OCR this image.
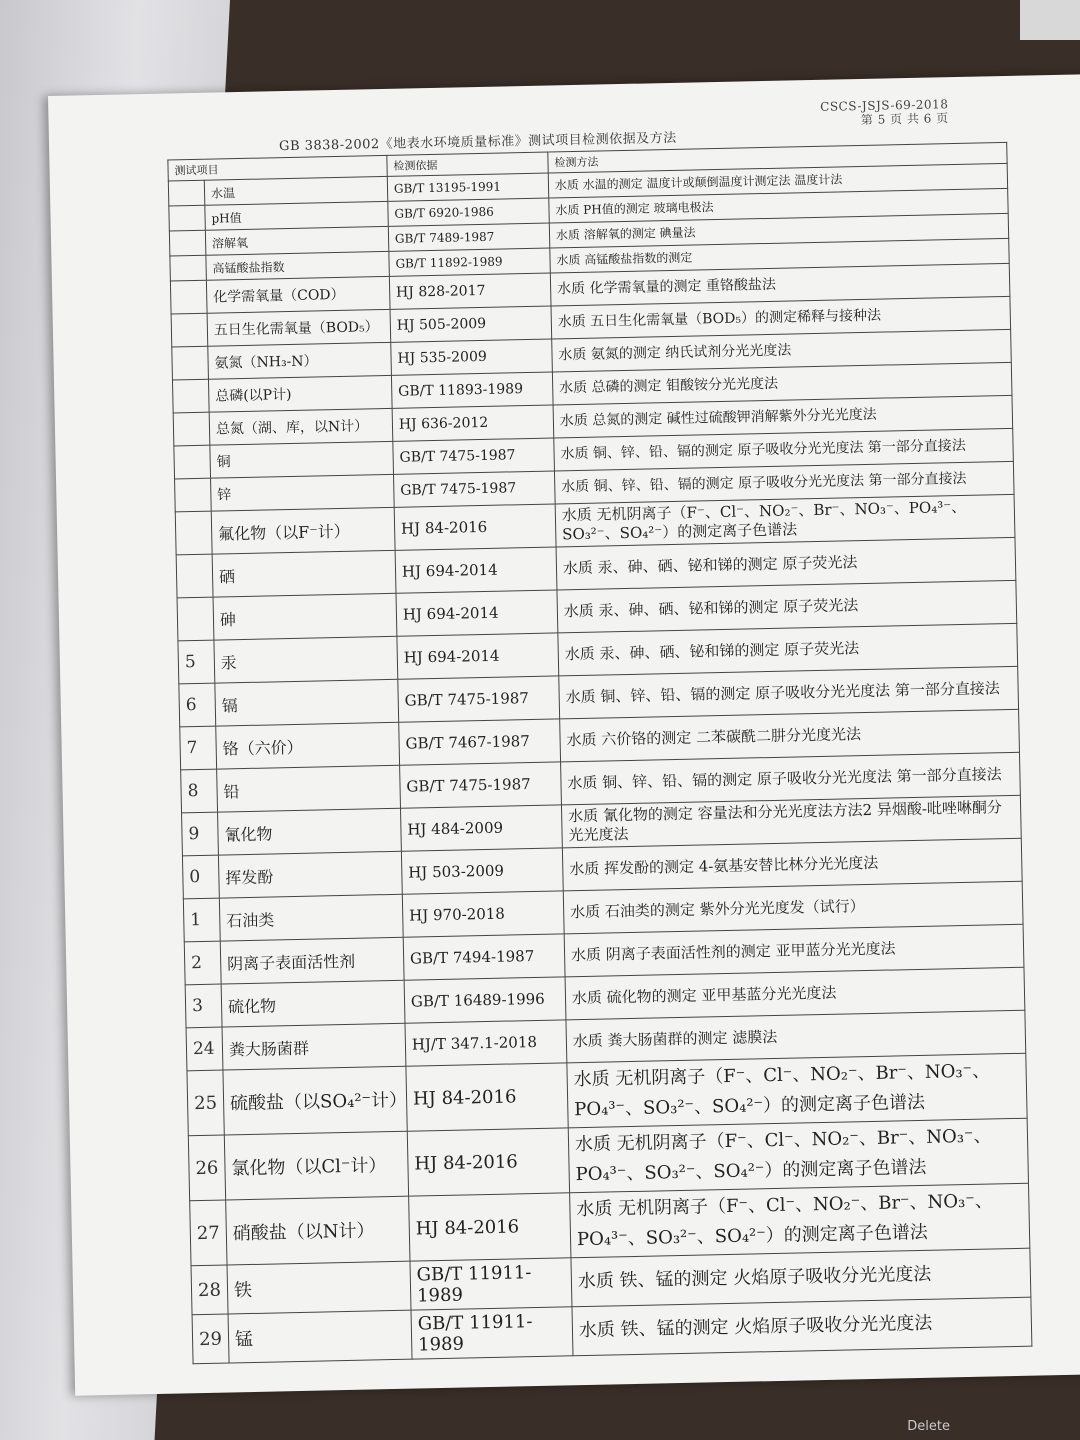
CSCS-JSJS-69-2018
第 5 页 共 6 页
GB 3838-2002《地表水环境质量标准》测试项目检测依据及方法
测试项目		检测依据	检测方法
	水温	GB/T 13195-1991	水质 水温的测定 温度计或颠倒温度计测定法 温度计法
	pH值	GB/T 6920-1986	水质 PH值的测定 玻璃电极法
	溶解氧	GB/T 7489-1987	水质 溶解氧的测定 碘量法
	高锰酸盐指数	GB/T 11892-1989	水质 高锰酸盐指数的测定
	化学需氧量（COD）	HJ 828-2017	水质 化学需氧量的测定 重铬酸盐法
	五日生化需氧量（BOD₅）	HJ 505-2009	水质 五日生化需氧量（BOD₅）的测定稀释与接种法
	氨氮（NH₃-N）	HJ 535-2009	水质 氨氮的测定 纳氏试剂分光光度法
	总磷(以P计)	GB/T 11893-1989	水质 总磷的测定 钼酸铵分光光度法
	总氮（湖、库，以N计）	HJ 636-2012	水质 总氮的测定 碱性过硫酸钾消解紫外分光光度法
	铜	GB/T 7475-1987	水质 铜、锌、铅、镉的测定 原子吸收分光光度法 第一部分直接法
	锌	GB/T 7475-1987	水质 铜、锌、铅、镉的测定 原子吸收分光光度法 第一部分直接法
	氟化物（以F⁻计）	HJ 84-2016	水质 无机阴离子（F⁻、Cl⁻、NO₂⁻、Br⁻、NO₃⁻、PO₄³⁻、SO₃²⁻、SO₄²⁻）的测定离子色谱法
	硒	HJ 694-2014	水质 汞、砷、硒、铋和锑的测定 原子荧光法
	砷	HJ 694-2014	水质 汞、砷、硒、铋和锑的测定 原子荧光法
5	汞	HJ 694-2014	水质 汞、砷、硒、铋和锑的测定 原子荧光法
6	镉	GB/T 7475-1987	水质 铜、锌、铅、镉的测定 原子吸收分光光度法 第一部分直接法
7	铬（六价）	GB/T 7467-1987	水质 六价铬的测定 二苯碳酰二肼分光度光法
8	铅	GB/T 7475-1987	水质 铜、锌、铅、镉的测定 原子吸收分光光度法 第一部分直接法
9	氰化物	HJ 484-2009	水质 氰化物的测定 容量法和分光光度法方法2 异烟酸-吡唑啉酮分光光度法
0	挥发酚	HJ 503-2009	水质 挥发酚的测定 4-氨基安替比林分光光度法
1	石油类	HJ 970-2018	水质 石油类的测定 紫外分光光度发（试行）
2	阴离子表面活性剂	GB/T 7494-1987	水质 阴离子表面活性剂的测定 亚甲蓝分光光度法
3	硫化物	GB/T 16489-1996	水质 硫化物的测定 亚甲基蓝分光光度法
24	粪大肠菌群	HJ/T 347.1-2018	水质 粪大肠菌群的测定 滤膜法
25	硫酸盐（以SO₄²⁻计）	HJ 84-2016	水质 无机阴离子（F⁻、Cl⁻、NO₂⁻、Br⁻、NO₃⁻、PO₄³⁻、SO₃²⁻、SO₄²⁻）的测定离子色谱法
26	氯化物（以Cl⁻计）	HJ 84-2016	水质 无机阴离子（F⁻、Cl⁻、NO₂⁻、Br⁻、NO₃⁻、PO₄³⁻、SO₃²⁻、SO₄²⁻）的测定离子色谱法
27	硝酸盐（以N计）	HJ 84-2016	水质 无机阴离子（F⁻、Cl⁻、NO₂⁻、Br⁻、NO₃⁻、PO₄³⁻、SO₃²⁻、SO₄²⁻）的测定离子色谱法
28	铁	GB/T 11911-1989	水质 铁、锰的测定 火焰原子吸收分光光度法
29	锰	GB/T 11911-1989	水质 铁、锰的测定 火焰原子吸收分光光度法
Delete
